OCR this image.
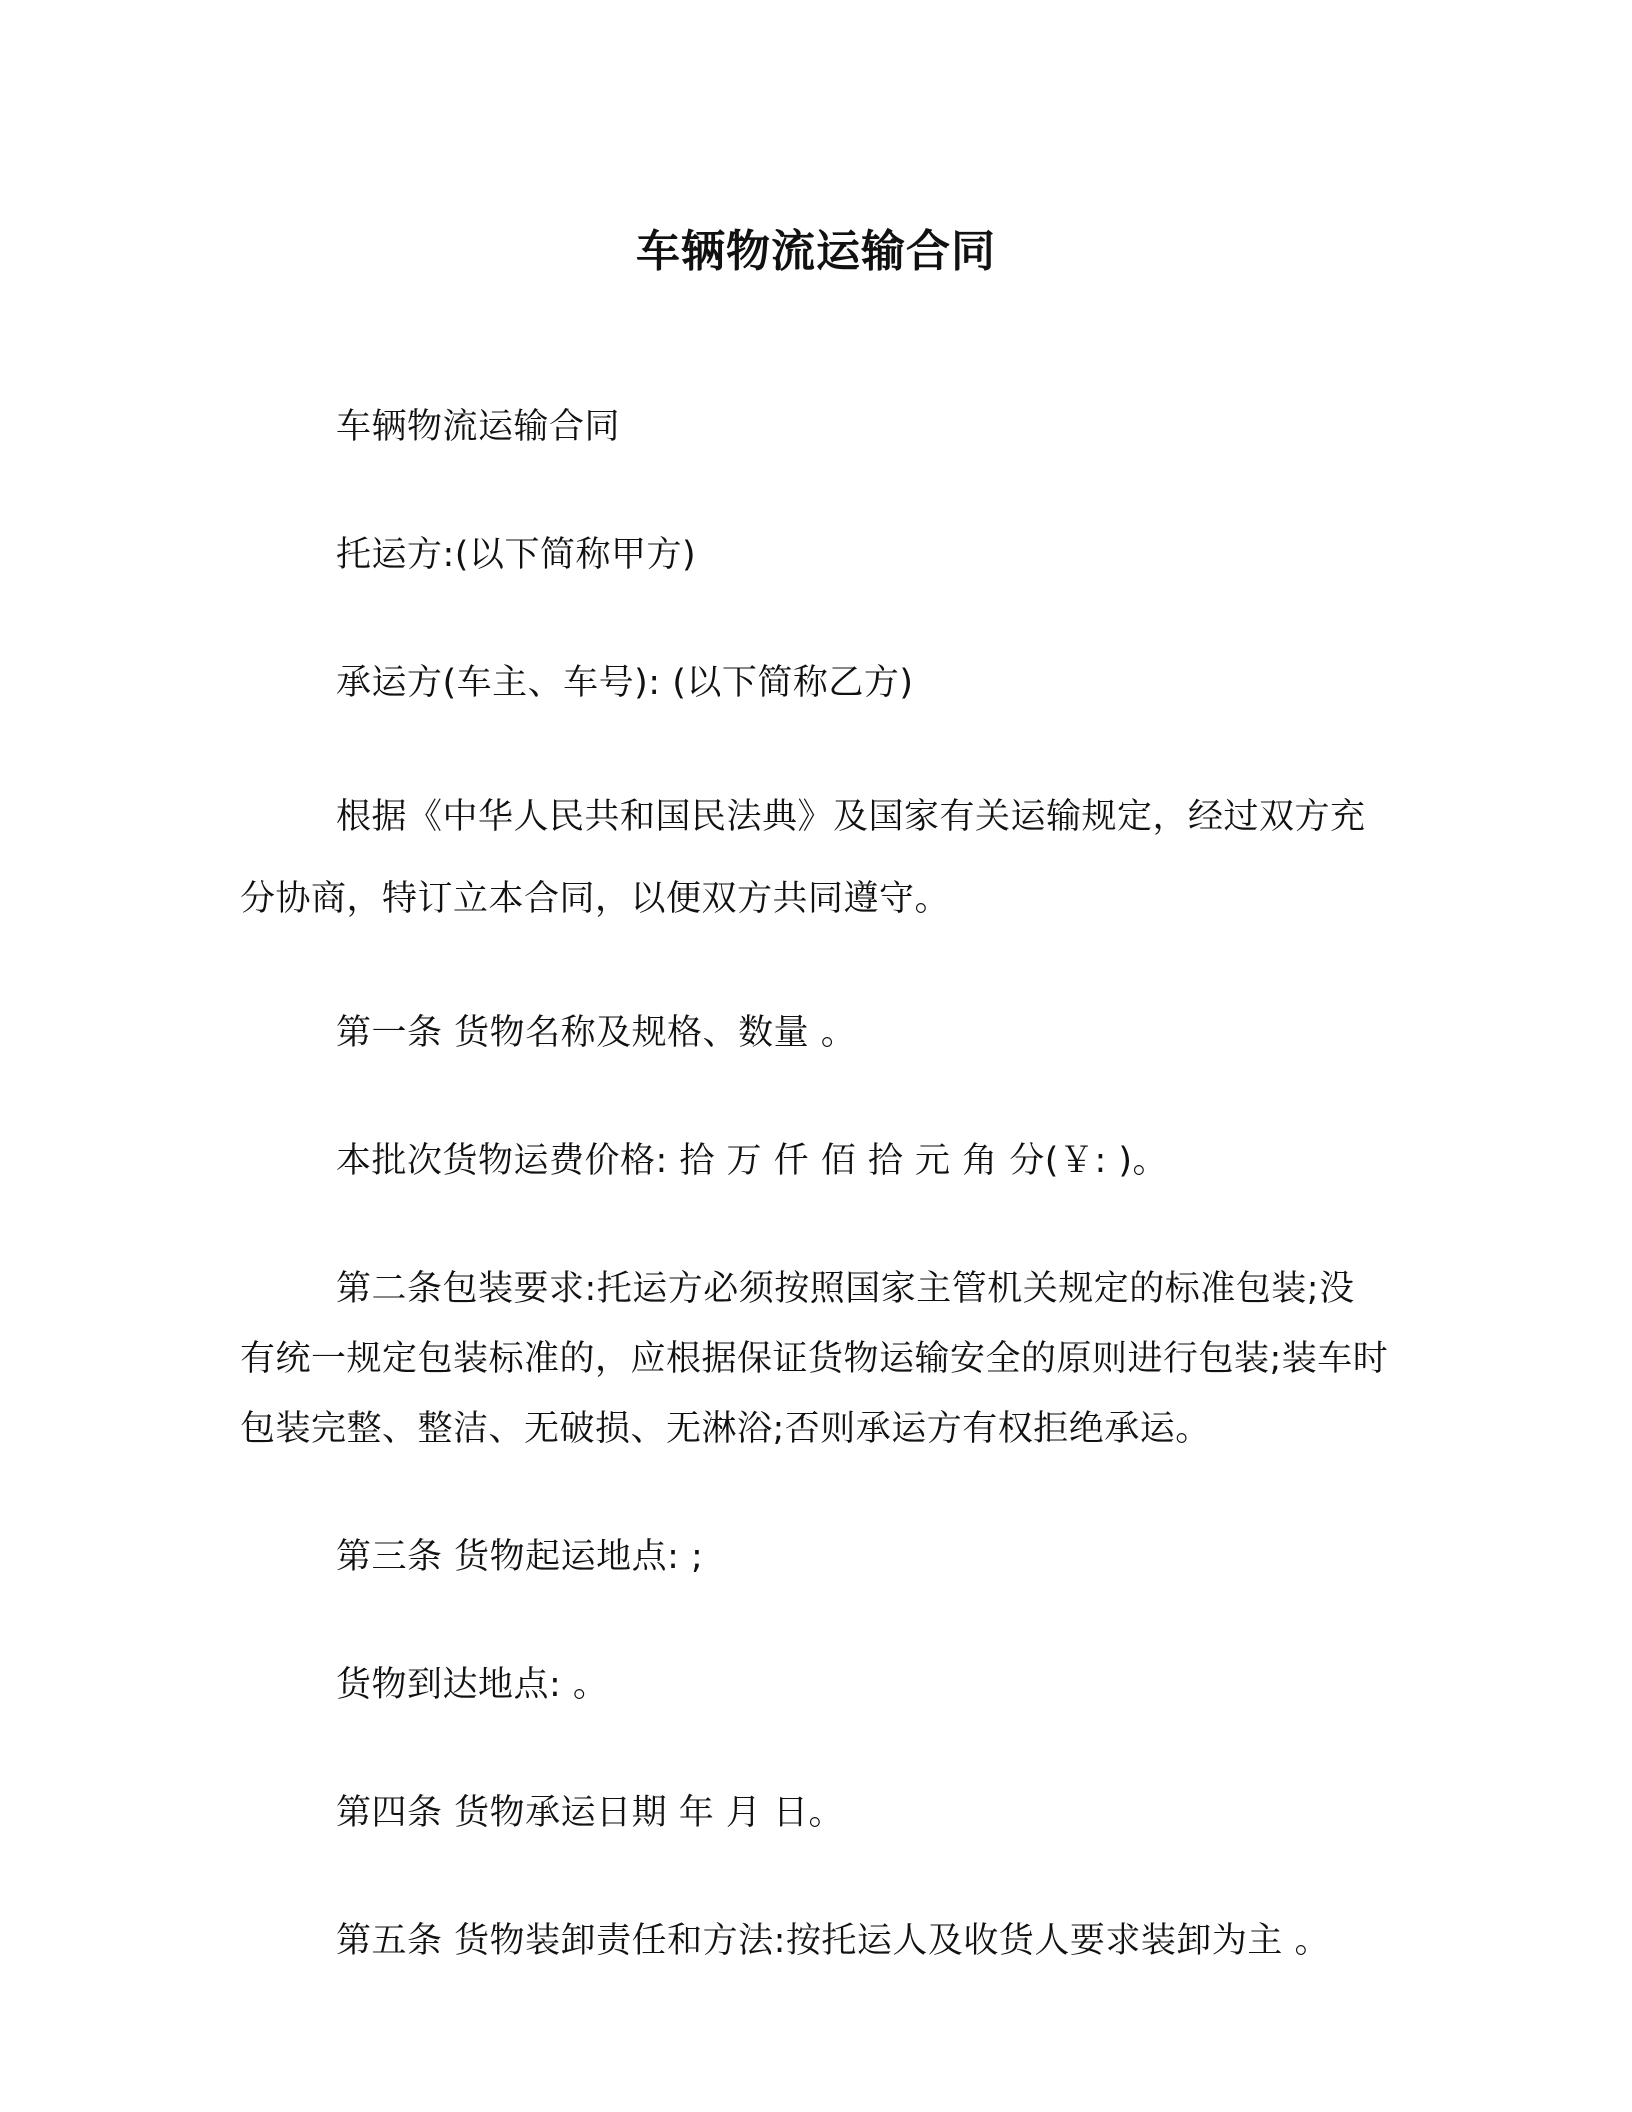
车辆物流运输合同

车辆物流运输合同

托运方:(以下简称甲方)

承运方(车主、车号): (以下简称乙方)

根据《中华人民共和国民法典》及国家有关运输规定，经过双方充分协商，特订立本合同，以便双方共同遵守。

第一条 货物名称及规格、数量 。

本批次货物运费价格: 拾 万 仟 佰 拾 元 角 分(￥: )。

第二条包装要求:托运方必须按照国家主管机关规定的标准包装;没有统一规定包装标准的，应根据保证货物运输安全的原则进行包装;装车时包装完整、整洁、无破损、无淋浴;否则承运方有权拒绝承运。

第三条 货物起运地点: ;

货物到达地点: 。

第四条 货物承运日期 年 月 日。

第五条 货物装卸责任和方法:按托运人及收货人要求装卸为主 。
